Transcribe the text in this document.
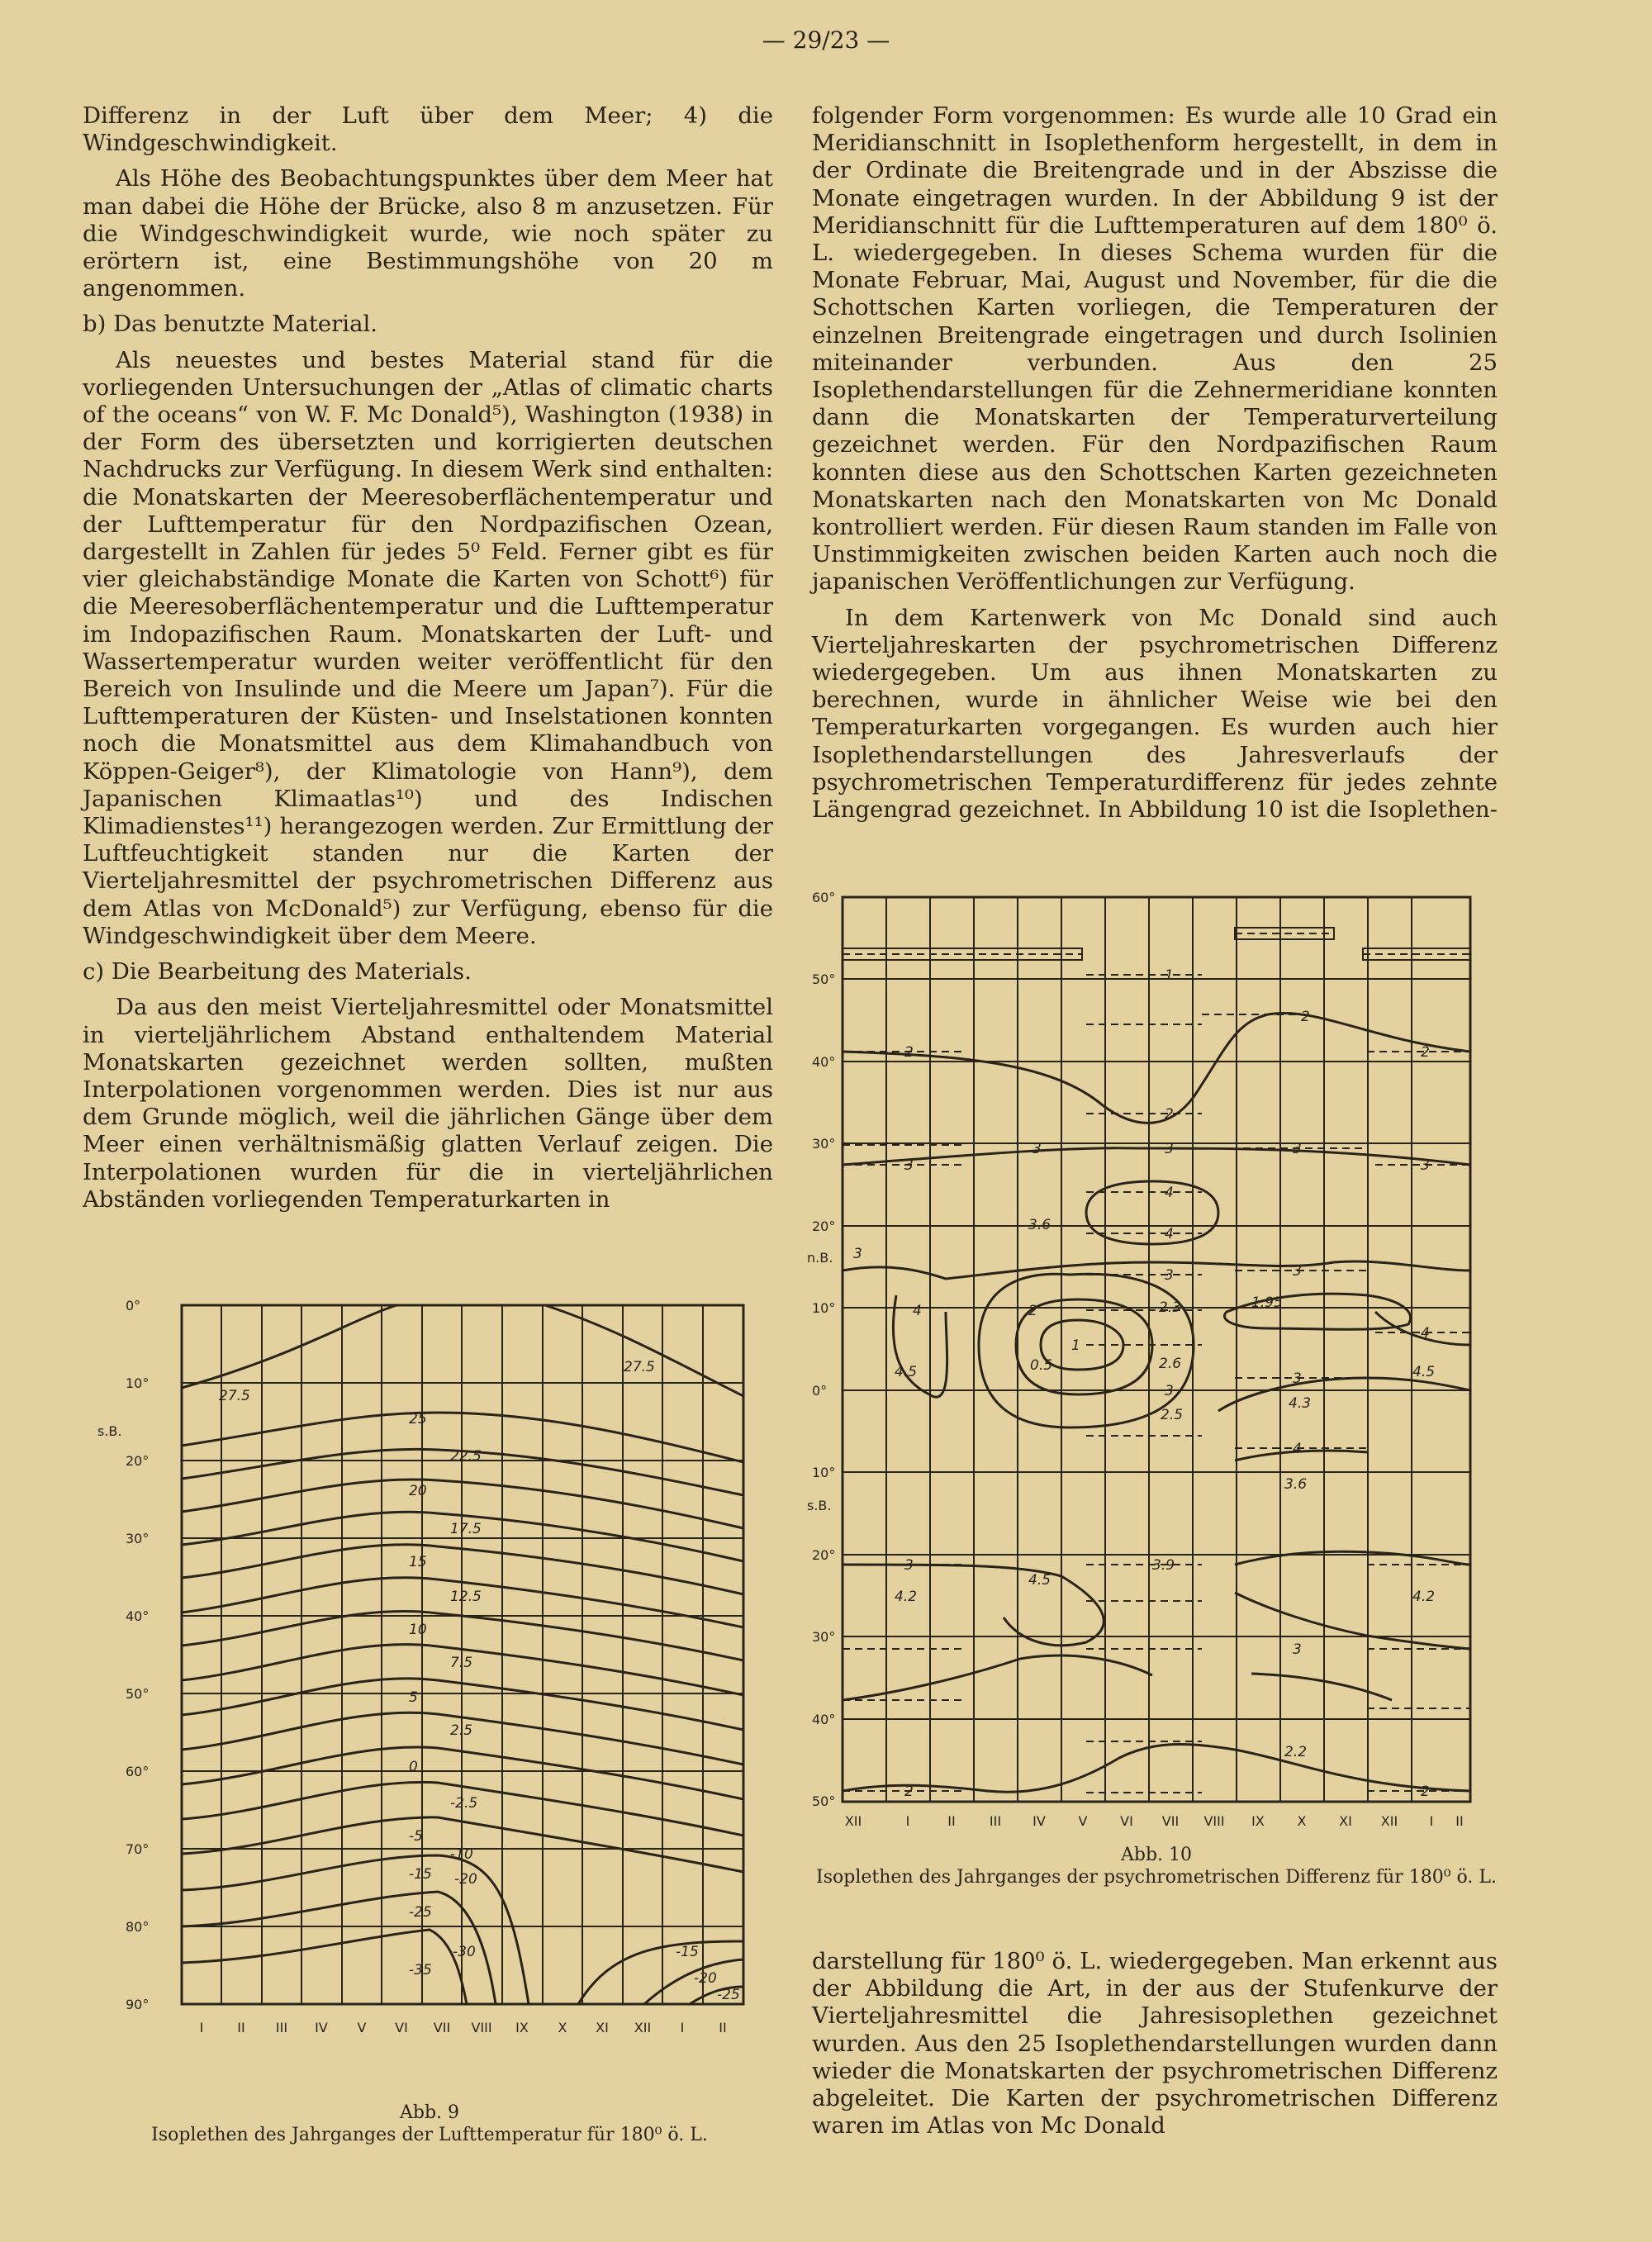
— 29/23 —

Differenz in der Luft über dem Meer; 4) die Windgeschwindigkeit.

Als Höhe des Beobachtungspunktes über dem Meer hat man dabei die Höhe der Brücke, also 8 m anzusetzen. Für die Windgeschwindigkeit wurde, wie noch später zu erörtern ist, eine Bestimmungshöhe von 20 m angenommen.

b) Das benutzte Material.

Als neuestes und bestes Material stand für die vorliegenden Untersuchungen der „Atlas of climatic charts of the oceans“ von W. F. Mc Donald⁵), Washington (1938) in der Form des übersetzten und korrigierten deutschen Nachdrucks zur Verfügung. In diesem Werk sind enthalten: die Monatskarten der Meeresoberflächentemperatur und der Lufttemperatur für den Nordpazifischen Ozean, dargestellt in Zahlen für jedes 5⁰ Feld. Ferner gibt es für vier gleichabständige Monate die Karten von Schott⁶) für die Meeresoberflächentemperatur und die Lufttemperatur im Indopazifischen Raum. Monatskarten der Luft- und Wassertemperatur wurden weiter veröffentlicht für den Bereich von Insulinde und die Meere um Japan⁷). Für die Lufttemperaturen der Küsten- und Inselstationen konnten noch die Monatsmittel aus dem Klimahandbuch von Köppen-Geiger⁸), der Klimatologie von Hann⁹), dem Japanischen Klimaatlas¹⁰) und des Indischen Klimadienstes¹¹) herangezogen werden. Zur Ermittlung der Luftfeuchtigkeit standen nur die Karten der Vierteljahresmittel der psychrometrischen Differenz aus dem Atlas von McDonald⁵) zur Verfügung, ebenso für die Windgeschwindigkeit über dem Meere.

c) Die Bearbeitung des Materials.

Da aus den meist Vierteljahresmittel oder Monatsmittel in vierteljährlichem Abstand enthaltendem Material Monatskarten gezeichnet werden sollten, mußten Interpolationen vorgenommen werden. Dies ist nur aus dem Grunde möglich, weil die jährlichen Gänge über dem Meer einen verhältnismäßig glatten Verlauf zeigen. Die Interpolationen wurden für die in vierteljährlichen Abständen vorliegenden Temperaturkarten in

folgender Form vorgenommen: Es wurde alle 10 Grad ein Meridianschnitt in Isoplethenform hergestellt, in dem in der Ordinate die Breitengrade und in der Abszisse die Monate eingetragen wurden. In der Abbildung 9 ist der Meridianschnitt für die Lufttemperaturen auf dem 180⁰ ö. L. wiedergegeben. In dieses Schema wurden für die Monate Februar, Mai, August und November, für die die Schottschen Karten vorliegen, die Temperaturen der einzelnen Breitengrade eingetragen und durch Isolinien miteinander verbunden. Aus den 25 Isoplethendarstellungen für die Zehnermeridiane konnten dann die Monatskarten der Temperaturverteilung gezeichnet werden. Für den Nordpazifischen Raum konnten diese aus den Schottschen Karten gezeichneten Monatskarten nach den Monatskarten von Mc Donald kontrolliert werden. Für diesen Raum standen im Falle von Unstimmigkeiten zwischen beiden Karten auch noch die japanischen Veröffentlichungen zur Verfügung.

In dem Kartenwerk von Mc Donald sind auch Vierteljahreskarten der psychrometrischen Differenz wiedergegeben. Um aus ihnen Monatskarten zu berechnen, wurde in ähnlicher Weise wie bei den Temperaturkarten vorgegangen. Es wurden auch hier Isoplethendarstellungen des Jahresverlaufs der psychrometrischen Temperaturdifferenz für jedes zehnte Längengrad gezeichnet. In Abbildung 10 ist die Isoplethen-

darstellung für 180⁰ ö. L. wiedergegeben. Man erkennt aus der Abbildung die Art, in der aus der Stufenkurve der Vierteljahresmittel die Jahresisoplethen gezeichnet wurden. Aus den 25 Isoplethendarstellungen wurden dann wieder die Monatskarten der psychrometrischen Differenz abgeleitet. Die Karten der psychrometrischen Differenz waren im Atlas von Mc Donald

27.5
27.5
25
22.5
20
17.5
15
12.5
10
7.5
5
2.5
0
-2.5
-5
-10
-15 -20
-25
-30
-35
-15
-20
-25
0°
10°
20°
30°
40°
50°
60°
70°
80°
90°
s.B.
I	II III IV V VI VII VIII IX X XI XII I	II
Abb. 9
Isoplethen des Jahrganges der Lufttemperatur für 180⁰ ö. L.
1
2
2
2
2
3
3	3	3
3
4
4
3	3
2
1
3
4
3
4
4
3
3
2	2
3.6
3
2.3	1.95
4.5	0.5	2.6	4.5
4.3
2.5
3.6
4.2
4.5
3.9
4.2
2.2
60°
50°
40°
30°
20°
10°
0°
10°
20°
30°
40°
50°
n.B.
s.B.
XII	I	II	III IV V VI VII VIII IX X XI XII I II
Abb. 10
Isoplethen des Jahrganges der psychrometrischen Differenz für 180⁰ ö. L.
